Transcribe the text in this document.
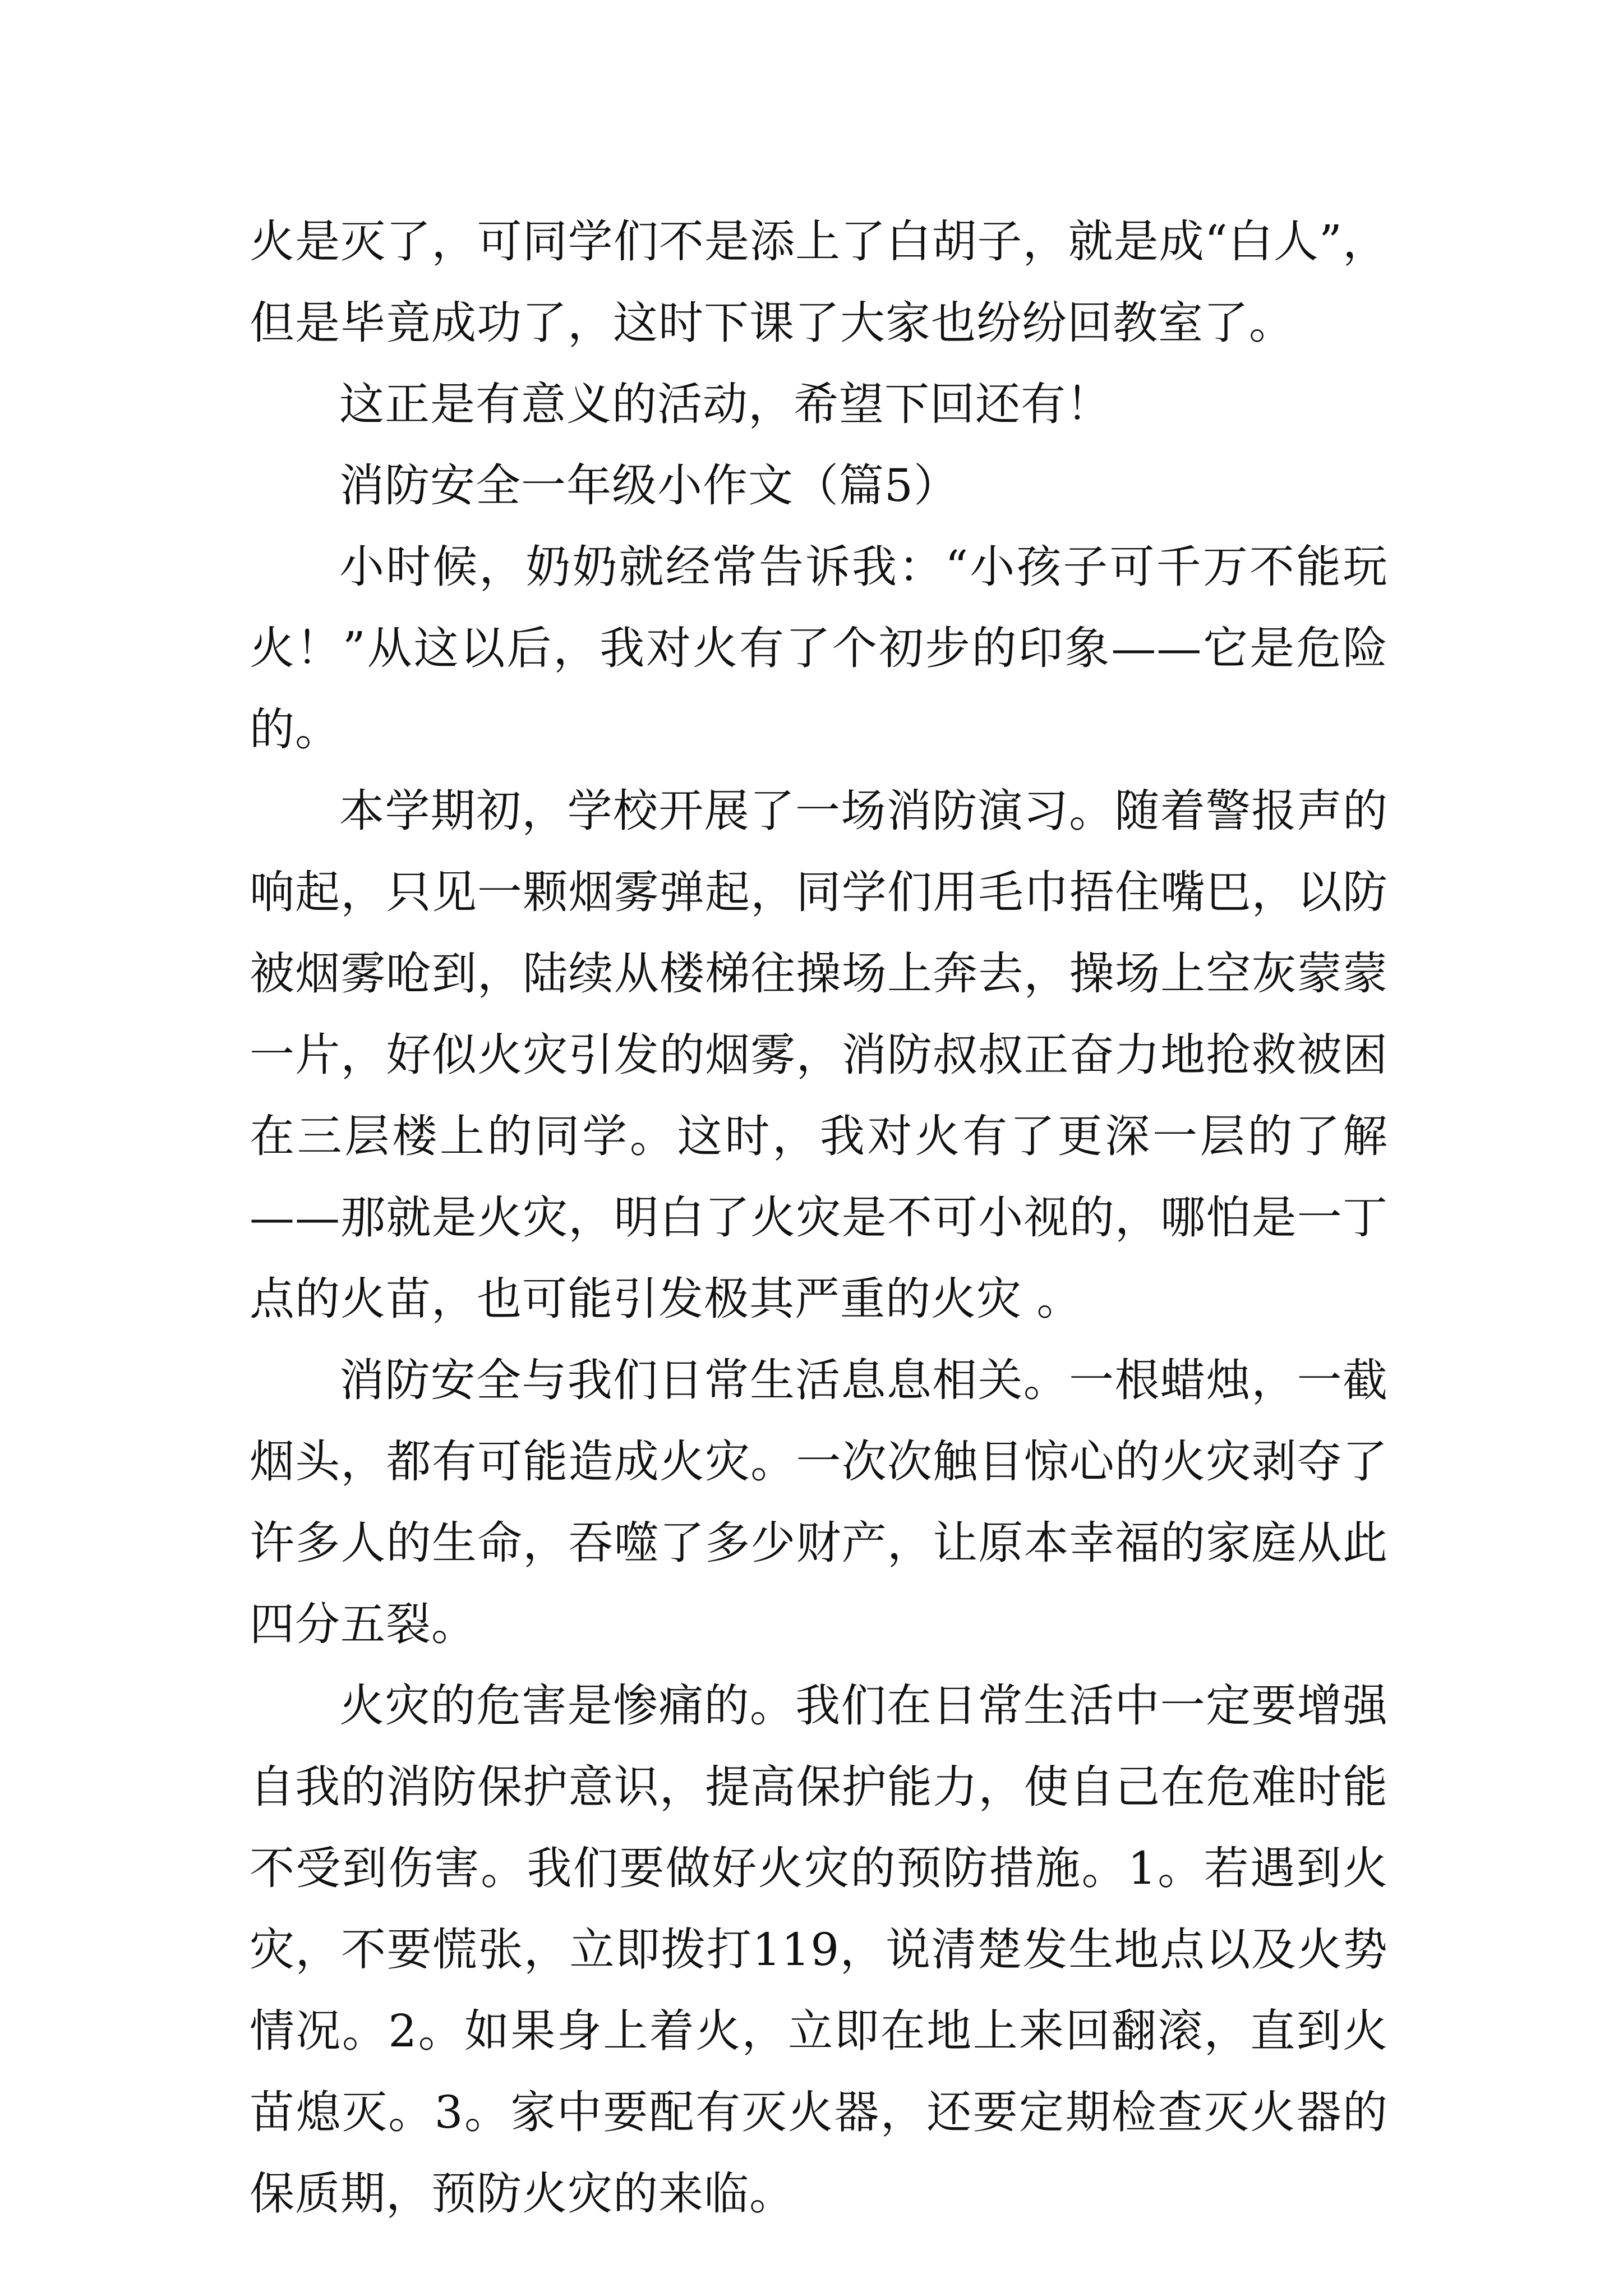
火是灭了，可同学们不是添上了白胡子，就是成“白人”，但是毕竟成功了，这时下课了大家也纷纷回教室了。

这正是有意义的活动，希望下回还有！

消防安全一年级小作文（篇5）

小时候，奶奶就经常告诉我：“小孩子可千万不能玩火！”从这以后，我对火有了个初步的印象——它是危险的。

本学期初，学校开展了一场消防演习。随着警报声的响起，只见一颗烟雾弹起，同学们用毛巾捂住嘴巴，以防被烟雾呛到，陆续从楼梯往操场上奔去，操场上空灰蒙蒙一片，好似火灾引发的烟雾，消防叔叔正奋力地抢救被困在三层楼上的同学。这时，我对火有了更深一层的了解——那就是火灾，明白了火灾是不可小视的，哪怕是一丁点的火苗，也可能引发极其严重的火灾 。

消防安全与我们日常生活息息相关。一根蜡烛，一截烟头，都有可能造成火灾。一次次触目惊心的火灾剥夺了许多人的生命，吞噬了多少财产，让原本幸福的家庭从此四分五裂。

火灾的危害是惨痛的。我们在日常生活中一定要增强自我的消防保护意识，提高保护能力，使自己在危难时能不受到伤害。我们要做好火灾的预防措施。1。若遇到火灾，不要慌张，立即拨打119，说清楚发生地点以及火势情况。2。如果身上着火，立即在地上来回翻滚，直到火苗熄灭。3。家中要配有灭火器，还要定期检查灭火器的保质期，预防火灾的来临。
